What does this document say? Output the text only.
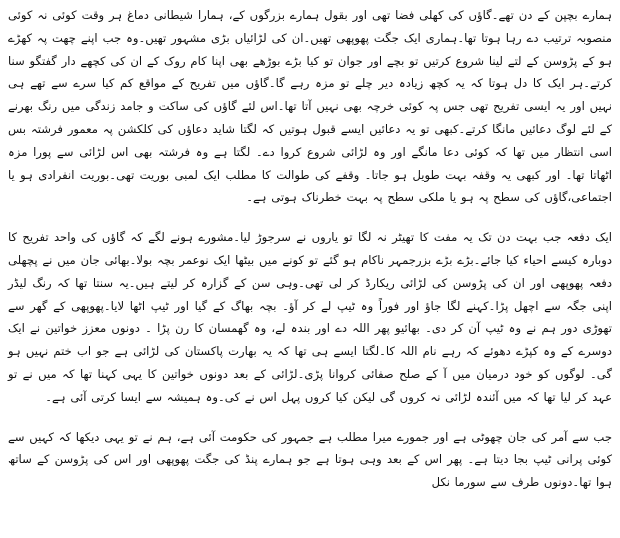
ہمارے بچپن کے دن تھے۔گاؤں کی کھلی فضا تھی اور بقول ہمارے بزرگوں کے، ہمارا شیطانی دماغ ہر وقت کوئی نہ کوئی منصوبہ ترتیب دے رہا ہوتا تھا۔ہماری ایک جگت پھوپھی تھیں۔ان کی لڑائیاں بڑی مشہور تھیں۔وہ جب اپنے چھت پہ کھڑے ہو کے پڑوسن کے لتے لینا شروع کرتیں تو بچے اور جوان تو کیا بڑے بوڑھے بھی اپنا کام روک کے ان کی کچھے دار گفتگو سنا کرتے۔ہر ایک کا دل ہوتا کہ یہ کچھ زیادہ دیر چلے تو مزہ رہے گا۔گاؤں میں تفریح کے مواقع کم کیا سرے سے تھے ہی نہیں اور یہ ایسی تفریح تھی جس پہ کوئی خرچہ بھی نہیں آتا تھا۔اس لئے گاؤں کی ساکت و جامد زندگی میں رنگ بھرنے کے لئے لوگ دعائیں مانگا کرتے۔کبھی تو یہ دعائیں ایسے قبول ہوتیں کہ لگتا شاید دعاؤں کی کلکشن پہ معمور فرشتہ بس اسی انتظار میں تھا کہ کوئی دعا مانگے اور وہ لڑائی شروع کروا دے۔ لگتا ہے وہ فرشتہ بھی اس لڑائی سے پورا مزہ اٹھاتا تھا۔ اور کبھی یہ وقفہ بہت طویل ہو جاتا۔ وقفے کی طوالت کا مطلب ایک لمبی بوریت تھی۔بوریت انفرادی ہو یا اجتماعی،گاؤں کی سطح پہ ہو یا ملکی سطح پہ بہت خطرناک ہوتی ہے۔

ایک دفعہ جب بہت دن تک یہ مفت کا تھیٹر نہ لگا تو یاروں نے سرجوڑ لیا۔مشورے ہونے لگے کہ گاؤں کی واحد تفریح کا دوبارہ کیسے احیاء کیا جائے۔بڑے بڑے بزرجمہر ناکام ہو گئے تو کونے میں بیٹھا ایک نوعمر بچہ بولا۔بھائی جان میں نے پچھلی دفعہ پھوپھی اور ان کی پڑوسن کی لڑائی ریکارڈ کر لی تھی۔وہی سن کے گزارہ کر لیتے ہیں۔یہ سنتا تھا کہ رنگ لیڈر اپنی جگہ سے اچھل پڑا۔کہنے لگا جاؤ اور فوراً وہ ٹیپ لے کر آؤ۔ بچہ بھاگ کے گیا اور ٹیپ اٹھا لایا۔پھوپھی کے گھر سے تھوڑی دور ہم نے وہ ٹیپ آن کر دی۔ بھائیو پھر اللہ دے اور بندہ لے، وہ گھمسان کا رن پڑا ۔ دونوں معزز خواتین نے ایک دوسرے کے وہ کپڑے دھوئے کہ رہے نام اللہ کا۔لگتا ایسے ہی تھا کہ یہ بھارت پاکستان کی لڑائی ہے جو اب ختم نہیں ہو گی۔ لوگوں کو خود درمیان میں آ کے صلح صفائی کروانا پڑی۔لڑائی کے بعد دونوں خواتین کا یہی کہنا تھا کہ میں نے تو عہد کر لیا تھا کہ میں آئندہ لڑائی نہ کروں گی لیکن کیا کروں پہل اس نے کی۔وہ ہمیشہ سے ایسا کرتی آئی ہے۔

جب سے آمر کی جان چھوٹی ہے اور جمورے میرا مطلب ہے جمہور کی حکومت آئی ہے، ہم نے تو یہی دیکھا کہ کہیں سے کوئی پرانی ٹیپ بجا دیتا ہے۔ پھر اس کے بعد وہی ہوتا ہے جو ہمارے پنڈ کی جگت پھوپھی اور اس کی پڑوسن کے ساتھ ہوا تھا۔دونوں طرف سے سورما نکل
